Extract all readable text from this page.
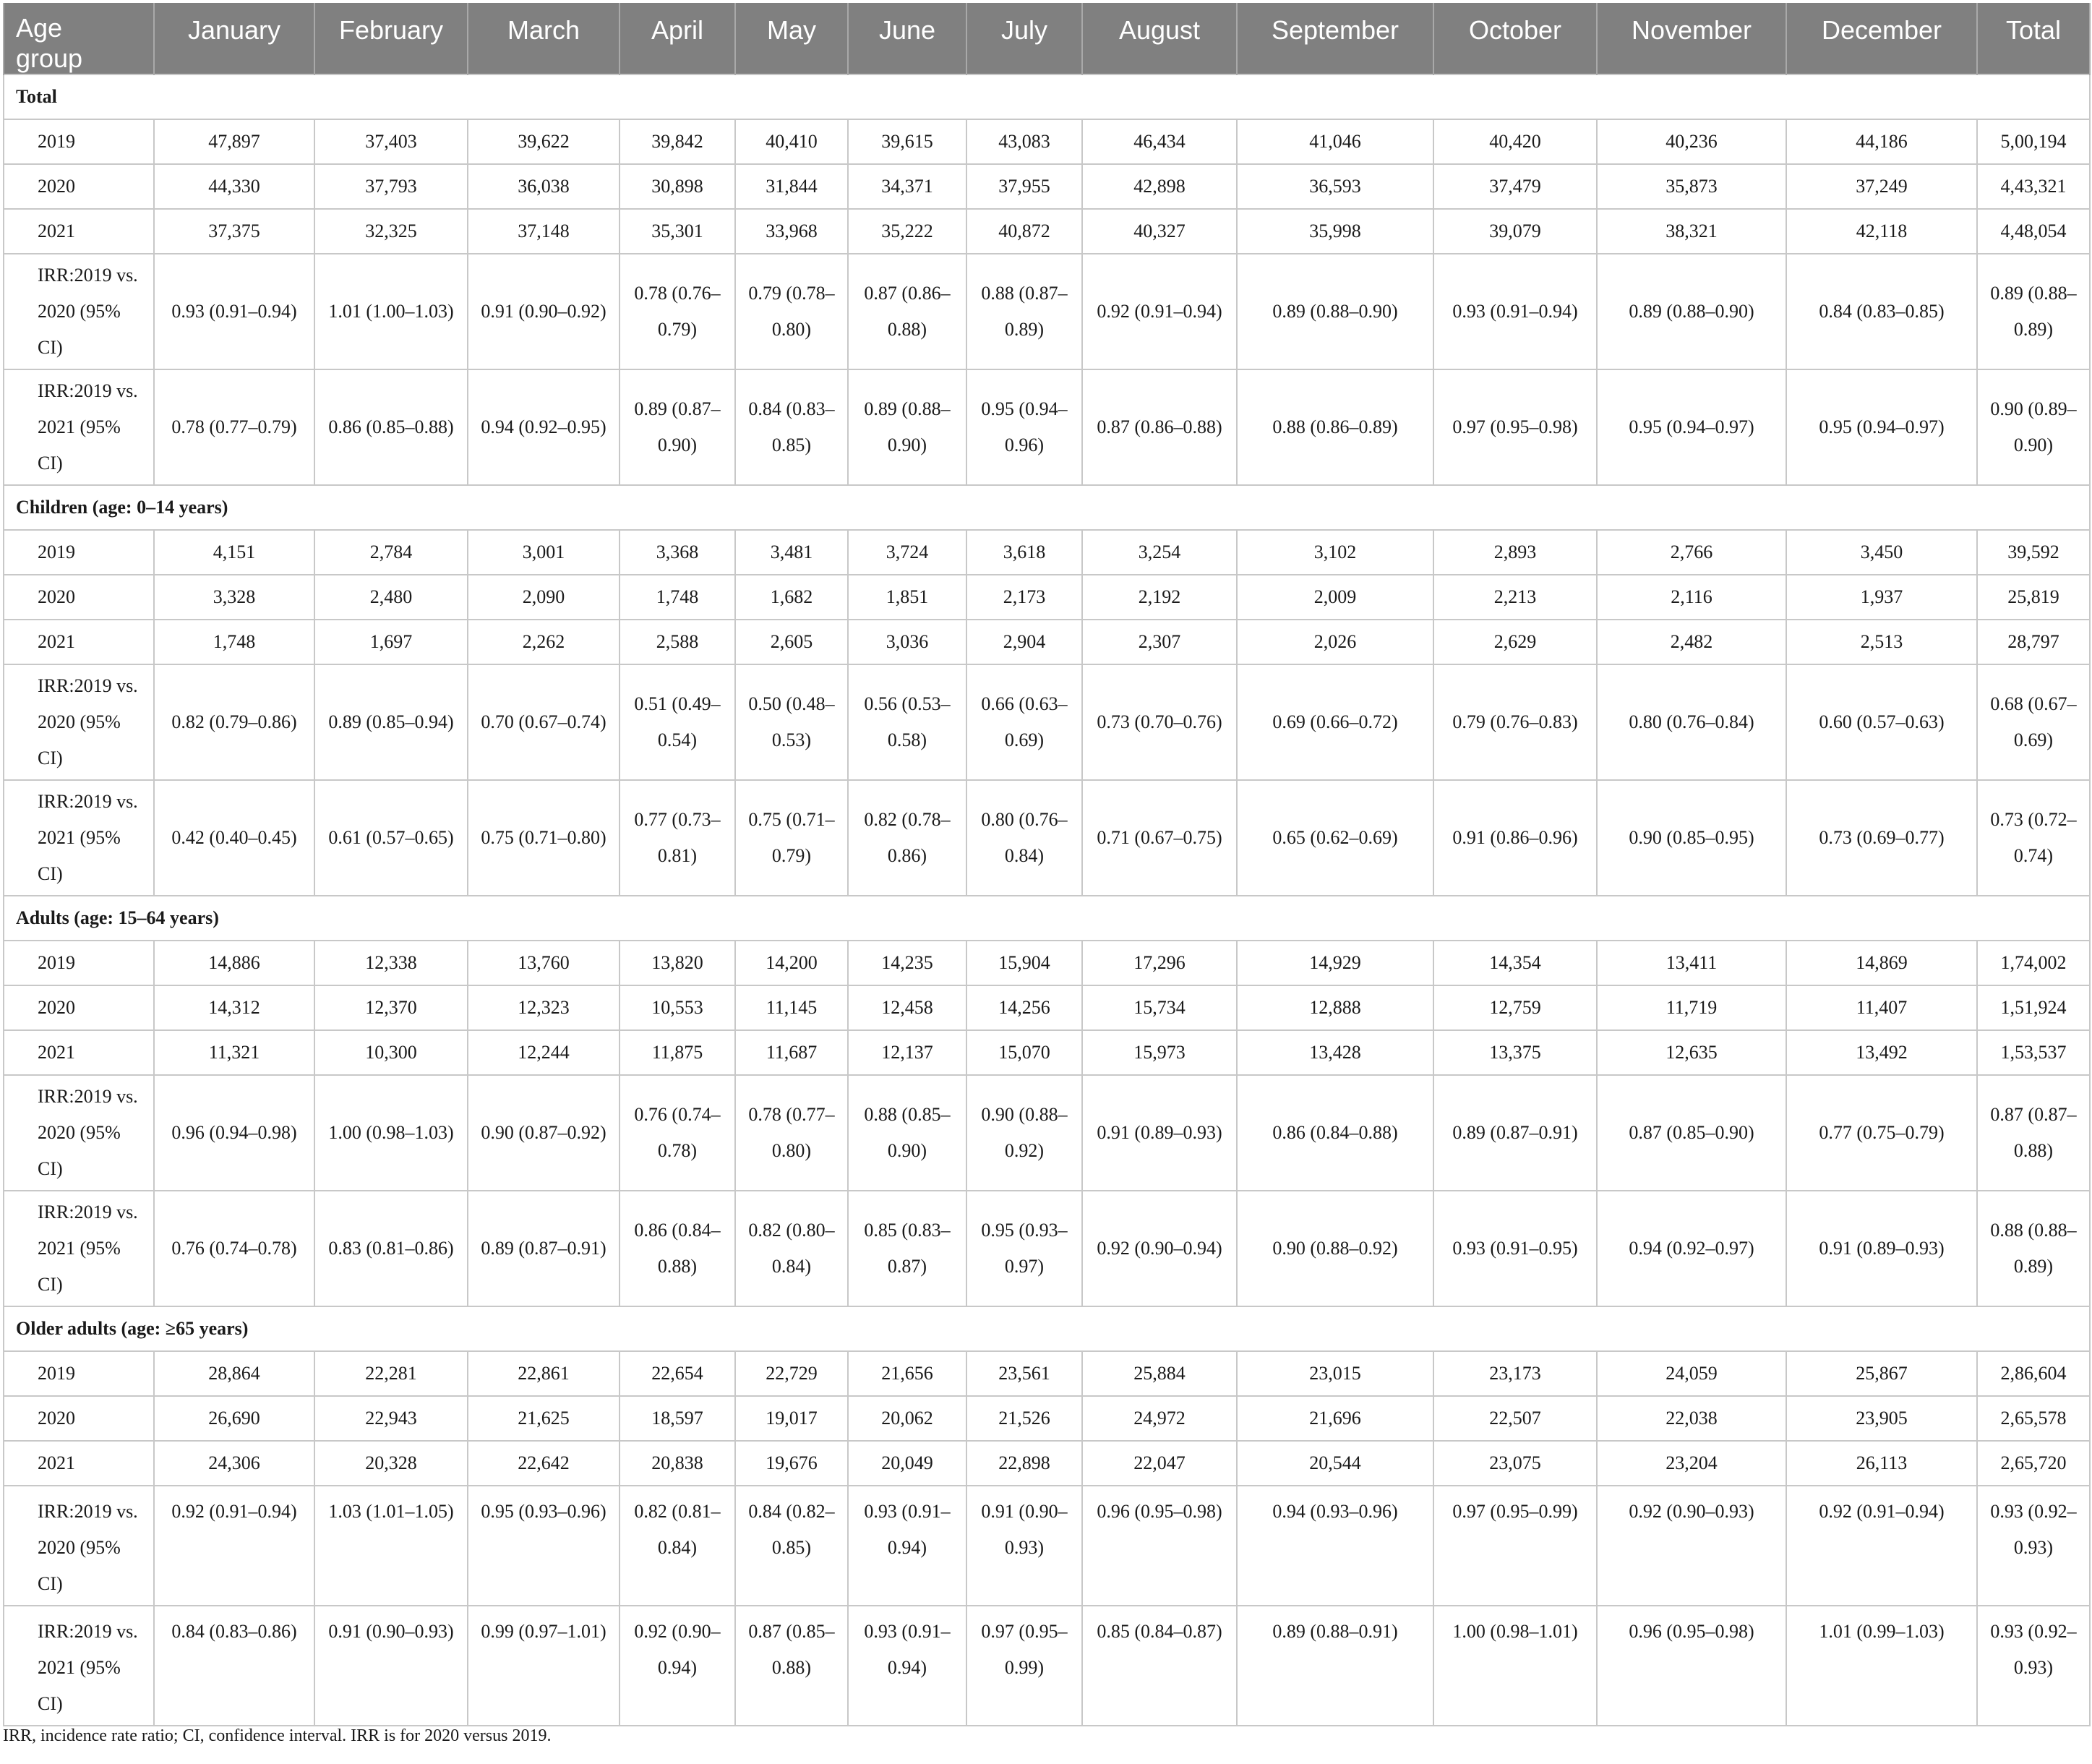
Age
group	January	February	March	April	May	June	July	August	September	October	November	December	Total
Total													
2019	47,897	37,403	39,622	39,842	40,410	39,615	43,083	46,434	41,046	40,420	40,236	44,186	5,00,194
2020	44,330	37,793	36,038	30,898	31,844	34,371	37,955	42,898	36,593	37,479	35,873	37,249	4,43,321
2021	37,375	32,325	37,148	35,301	33,968	35,222	40,872	40,327	35,998	39,079	38,321	42,118	4,48,054
IRR:2019 vs. 2020 (95% CI)	0.93 (0.91–0.94)	1.01 (1.00–1.03)	0.91 (0.90–0.92)	0.78 (0.76–0.79)	0.79 (0.78–0.80)	0.87 (0.86–0.88)	0.88 (0.87–0.89)	0.92 (0.91–0.94)	0.89 (0.88–0.90)	0.93 (0.91–0.94)	0.89 (0.88–0.90)	0.84 (0.83–0.85)	0.89 (0.88–0.89)
IRR:2019 vs. 2021 (95% CI)	0.78 (0.77–0.79)	0.86 (0.85–0.88)	0.94 (0.92–0.95)	0.89 (0.87–0.90)	0.84 (0.83–0.85)	0.89 (0.88–0.90)	0.95 (0.94–0.96)	0.87 (0.86–0.88)	0.88 (0.86–0.89)	0.97 (0.95–0.98)	0.95 (0.94–0.97)	0.95 (0.94–0.97)	0.90 (0.89–0.90)
Children (age: 0–14 years)													
2019	4,151	2,784	3,001	3,368	3,481	3,724	3,618	3,254	3,102	2,893	2,766	3,450	39,592
2020	3,328	2,480	2,090	1,748	1,682	1,851	2,173	2,192	2,009	2,213	2,116	1,937	25,819
2021	1,748	1,697	2,262	2,588	2,605	3,036	2,904	2,307	2,026	2,629	2,482	2,513	28,797
IRR:2019 vs. 2020 (95% CI)	0.82 (0.79–0.86)	0.89 (0.85–0.94)	0.70 (0.67–0.74)	0.51 (0.49–0.54)	0.50 (0.48–0.53)	0.56 (0.53–0.58)	0.66 (0.63–0.69)	0.73 (0.70–0.76)	0.69 (0.66–0.72)	0.79 (0.76–0.83)	0.80 (0.76–0.84)	0.60 (0.57–0.63)	0.68 (0.67–0.69)
IRR:2019 vs. 2021 (95% CI)	0.42 (0.40–0.45)	0.61 (0.57–0.65)	0.75 (0.71–0.80)	0.77 (0.73–0.81)	0.75 (0.71–0.79)	0.82 (0.78–0.86)	0.80 (0.76–0.84)	0.71 (0.67–0.75)	0.65 (0.62–0.69)	0.91 (0.86–0.96)	0.90 (0.85–0.95)	0.73 (0.69–0.77)	0.73 (0.72–0.74)
Adults (age: 15–64 years)													
2019	14,886	12,338	13,760	13,820	14,200	14,235	15,904	17,296	14,929	14,354	13,411	14,869	1,74,002
2020	14,312	12,370	12,323	10,553	11,145	12,458	14,256	15,734	12,888	12,759	11,719	11,407	1,51,924
2021	11,321	10,300	12,244	11,875	11,687	12,137	15,070	15,973	13,428	13,375	12,635	13,492	1,53,537
IRR:2019 vs. 2020 (95% CI)	0.96 (0.94–0.98)	1.00 (0.98–1.03)	0.90 (0.87–0.92)	0.76 (0.74–0.78)	0.78 (0.77–0.80)	0.88 (0.85–0.90)	0.90 (0.88–0.92)	0.91 (0.89–0.93)	0.86 (0.84–0.88)	0.89 (0.87–0.91)	0.87 (0.85–0.90)	0.77 (0.75–0.79)	0.87 (0.87–0.88)
IRR:2019 vs. 2021 (95% CI)	0.76 (0.74–0.78)	0.83 (0.81–0.86)	0.89 (0.87–0.91)	0.86 (0.84–0.88)	0.82 (0.80–0.84)	0.85 (0.83–0.87)	0.95 (0.93–0.97)	0.92 (0.90–0.94)	0.90 (0.88–0.92)	0.93 (0.91–0.95)	0.94 (0.92–0.97)	0.91 (0.89–0.93)	0.88 (0.88–0.89)
Older adults (age: ≥65 years)													
2019	28,864	22,281	22,861	22,654	22,729	21,656	23,561	25,884	23,015	23,173	24,059	25,867	2,86,604
2020	26,690	22,943	21,625	18,597	19,017	20,062	21,526	24,972	21,696	22,507	22,038	23,905	2,65,578
2021	24,306	20,328	22,642	20,838	19,676	20,049	22,898	22,047	20,544	23,075	23,204	26,113	2,65,720
IRR:2019 vs. 2020 (95% CI)	0.92 (0.91–0.94)	1.03 (1.01–1.05)	0.95 (0.93–0.96)	0.82 (0.81–0.84)	0.84 (0.82–0.85)	0.93 (0.91–0.94)	0.91 (0.90–0.93)	0.96 (0.95–0.98)	0.94 (0.93–0.96)	0.97 (0.95–0.99)	0.92 (0.90–0.93)	0.92 (0.91–0.94)	0.93 (0.92–0.93)
IRR:2019 vs. 2021 (95% CI)	0.84 (0.83–0.86)	0.91 (0.90–0.93)	0.99 (0.97–1.01)	0.92 (0.90–0.94)	0.87 (0.85–0.88)	0.93 (0.91–0.94)	0.97 (0.95–0.99)	0.85 (0.84–0.87)	0.89 (0.88–0.91)	1.00 (0.98–1.01)	0.96 (0.95–0.98)	1.01 (0.99–1.03)	0.93 (0.92–0.93)
IRR, incidence rate ratio; CI, confidence interval. IRR is for 2020 versus 2019.
